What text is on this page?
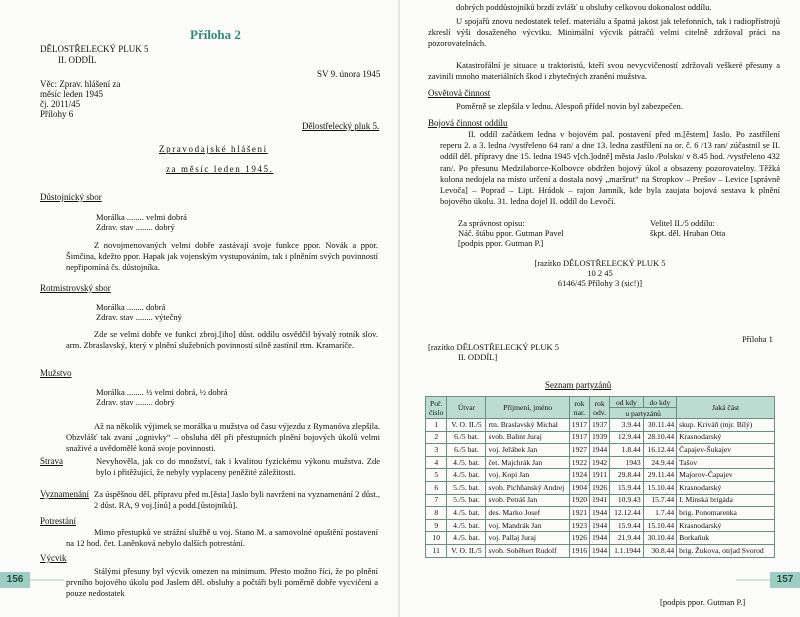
Příloha 2
DĚLOSTŘELECKÝ PLUK 5
II. ODDÍL
SV 9. února 1945
Věc: Zprav. hlášení za
měsíc leden 1945
čj. 2011/45
Přílohy 6
Dělostřelecký pluk 5.
Zpravodajské hlášení
za měsíc leden 1945.
Důstojnický sbor
Morálka ........ velmi dobrá
Zdrav. stav ........ dobrý
Z novojmenovaných velmi dobře zastávají svoje funkce ppor. Novák a ppor. Šimčina, kdežto ppor. Hapak jak vojenským vystupováním, tak i plněním svých povinností nepřipomíná čs. důstojníka.
Rotmistrovský sbor
Morálka ........ dobrá
Zdrav. stav ........ výtečný
Zde se velmi dobře ve funkci zbroj.[iho] důst. oddílu osvědčil bývalý rotník slov. arm. Zbraslavský, který v plnění služebních povinností silně zastínil rtm. Kramaríče.
Mužstvo
Morálka ........ ½ velmi dobrá, ½ dobrá
Zdrav. stav ........ dobrý
Až na několik výjimek se morálka u mužstva od času výjezdu z Rymanóva zlepšila. Obzvlášť tak zvaní „ognivky“ – obsluha děl při přestupních plnění bojových úkolů velmi snaživé a uvědomělé koná svoje povinnosti.
Strava	Nevyhověla, jak co do množství, tak i kvalitou fyzickému výkonu mužstva. Zde bylo i přitěžující, že nebyly vyplaceny peněžité záležitosti.
Vyznamenání Za úspěšnou děl. přípravu před m.[ěsta] Jaslo byli navrženi na vyznamenání 2 důst., 2 důst. RA, 9 voj.[ínů] a podd.[ůstojníků].
Potrestání
Mimo přestupků ve strážní službě u voj. Stano M. a samovolné opuštění postavení na 12 hod. čet. Laněnková nebylo dalších potrestání.
Výcvik
Stálými přesuny byl výcvik omezen na minimum. Přesto možno říci, že po plnění prvního bojového úkolu pod Jaslem děl. obsluhy a počtáři byli poměrně dobře vycvičeni a pouze nedostatek
156
dobrých poddůstojníků brzdí zvlášť u obsluhy celkovou dokonalost oddílu.
U spojařů znovu nedostatek telef. materiálu a špatná jakost jak telefonních, tak i radiopřístrojů zkreslí výši dosaženého výcviku. Minimální výcvik pátračů velmi citelně zdržoval práci na pozorovatelnách.
Katastrofální je situace u traktoristů, kteří svou nevycvičeností zdržovali veškeré přesuny a zavinili mnoho materiálních škod i zbytečných zranění mužstva.
Osvětová činnost
Poměrně se zlepšila v lednu. Alespoň přídel novin byl zabezpečen.
Bojová činnost oddílu
II. oddíl začátkem ledna v bojovém pal. postavení před m.[ěstem] Jaslo. Po zastřílení reperu 2. a 3. ledna /vystřeleno 64 ran/ a dne 13. ledna zastřílení na or. č. 6 /13 ran/ zúčastnil se II. oddíl děl. přípravy dne 15. ledna 1945 v[ch.]odně] města Jaslo /Polsko/ v 8.45 hod. /vystřeleno 432 ran/. Po přesunu Medzilaborce-Kolbovce obdržen bojový úkol a obsazeny pozorovatelny. Těžká kolona nedojela na místo určení a dostala nový „maršrut“ na Stropkov – Prešov – Levice [správně Levoča] – Poprad – Lipt. Hrádok – rajon Jamník, kde byla zaujata bojová sestava k plnění bojového úkolu. 31. ledna dojel II. oddíl do Levočí.
Za správnost opisu:
Náč. štábu ppor. Gutman Pavel
[podpis ppor. Gutman P.]
Velitel II./5 oddílu:
škpt. děl. Hruban Otta
[razítko DĚLOSTŘELECKÝ PLUK 5
10 2 45
6146/45 Přílohy 3 (sic!)]
Příloha 1
[razítko DĚLOSTŘELECKÝ PLUK 5
II. ODDÍL]
Seznam partyzánů
[podpis ppor. Gutman P.]
157
Poř. číslo	Útvar	Příjmení, jméno	rok nar.	rok odv.	od kdy	do kdy	Jaká část
					u partyzánů		
1	V. O. II./5	rtn. Braslavský Michal	1917	1937	3.9.44	30.11.44	skup. Kriváň (mjr. Bílý)
2	6./5 bat.	svob. Balint Juraj	1917	1939	12.9.44	28.10.44	Krasnodarský
3	6./5 bat.	voj. Jeřábek Jan	1927	1944	1.8.44	16.12.44	Čapajev-Šukajev
4	4./5. bat.	čet. Majchrák Jan	1922	1942	1943	24.9.44	Tašov
5	4./5. bat.	voj. Kopi Jan	1924	1911	29.8.44	29.11.44	Majorov-Čapajev
6	5./5. bat.	svob. Pichňanský Andrej	1904	1926	15.9.44	15.10.44	Krasnodarský
7	5./5. bat.	svob. Petráš Jan	1920	1941	10.9.43	15.7.44	I. Minská brigáda
8	4./5. bat.	des. Marko Josef	1921	1944	12.12.44	1.7.44	brig. Ponomarenka
9	4./5. bat.	voj. Mandrák Jan	1923	1944	15.9.44	15.10.44	Krasnodarský
10	4./5. bat.	voj. Pallaj Juraj	1926	1944	21.9.44	30.10.44	Borkaňuk
11	V. O. II./5	svob. Soběhert Rudolf	1916	1944	1.1.1944	30.8.44	brig. Žukova, otrjad Svorod
